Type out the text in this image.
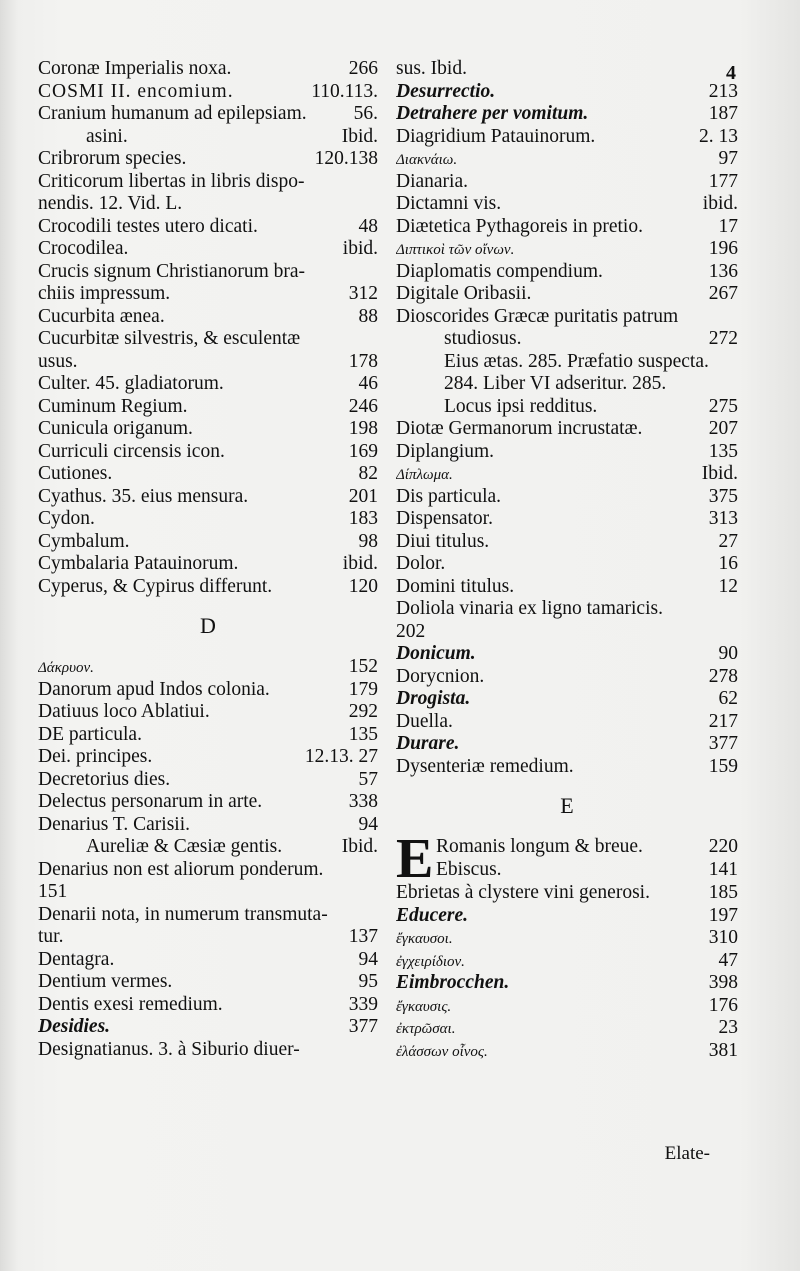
4
Coronæ Imperialis noxa.	266
COSMI II. encomium.	110.113.
Cranium humanum ad epilepsiam.	56.
asini.	Ibid.
Cribrorum species.	120.138
Criticorum libertas in libris dispo-
nendis. 12. Vid. L.
Crocodili testes utero dicati.	48
Crocodilea.	ibid.
Crucis signum Christianorum bra-
chiis impressum.	312
Cucurbita ænea.	88
Cucurbitæ silvestris, & esculentæ
usus.	178
Culter. 45. gladiatorum.	46
Cuminum Regium.	246
Cunicula origanum.	198
Curriculi circensis icon.	169
Cutiones.	82
Cyathus. 35. eius mensura.	201
Cydon.	183
Cymbalum.	98
Cymbalaria Patauinorum.	ibid.
Cyperus, & Cypirus differunt.	120
D
Δάκρυον.	152
Danorum apud Indos colonia.	179
Datiuus loco Ablatiui.	292
DE particula.	135
Dei. principes.	12.13. 27
Decretorius dies.	57
Delectus personarum in arte.	338
Denarius T. Carisii.	94
Aureliæ & Cæsiæ gentis.	Ibid.
Denarius non est aliorum ponderum.
151
Denarii nota, in numerum transmuta-
tur.	137
Dentagra.	94
Dentium vermes.	95
Dentis exesi remedium.	339
Desidies.	377
Designatianus. 3. à Siburio diuer-
sus. Ibid.
Desurrectio.	213
Detrahere per vomitum.	187
Diagridium Patauinorum.	2. 13
Διακνάιω.	97
Dianaria.	177
Dictamni vis.	ibid.
Diætetica Pythagoreis in pretio.	17
Διπτικοὶ τῶν οἴνων.	196
Diaplomatis compendium.	136
Digitale Oribasii.	267
Dioscorides Græcæ puritatis patrum
studiosus.	272
Eius ætas. 285. Præfatio suspecta.
284. Liber VI adseritur. 285.
Locus ipsi redditus.	275
Diotæ Germanorum incrustatæ.	207
Diplangium.	135
Δίπλωμα.	Ibid.
Dis particula.	375
Dispensator.	313
Diui titulus.	27
Dolor.	16
Domini titulus.	12
Doliola vinaria ex ligno tamaricis.
202
Donicum.	90
Dorycnion.	278
Drogista.	62
Duella.	217
Durare.	377
Dysenteriæ remedium.	159
E
E Romanis longum & breue.	220
Ebiscus.	141
Ebrietas à clystere vini generosi.	185
Educere.	197
ἔγκαυσοι.	310
ἐγχειρίδιον.	47
Eimbrocchen.	398
ἔγκαυσις.	176
ἐκτρῶσαι.	23
ἐλάσσων οἶνος.	381
Elate-
